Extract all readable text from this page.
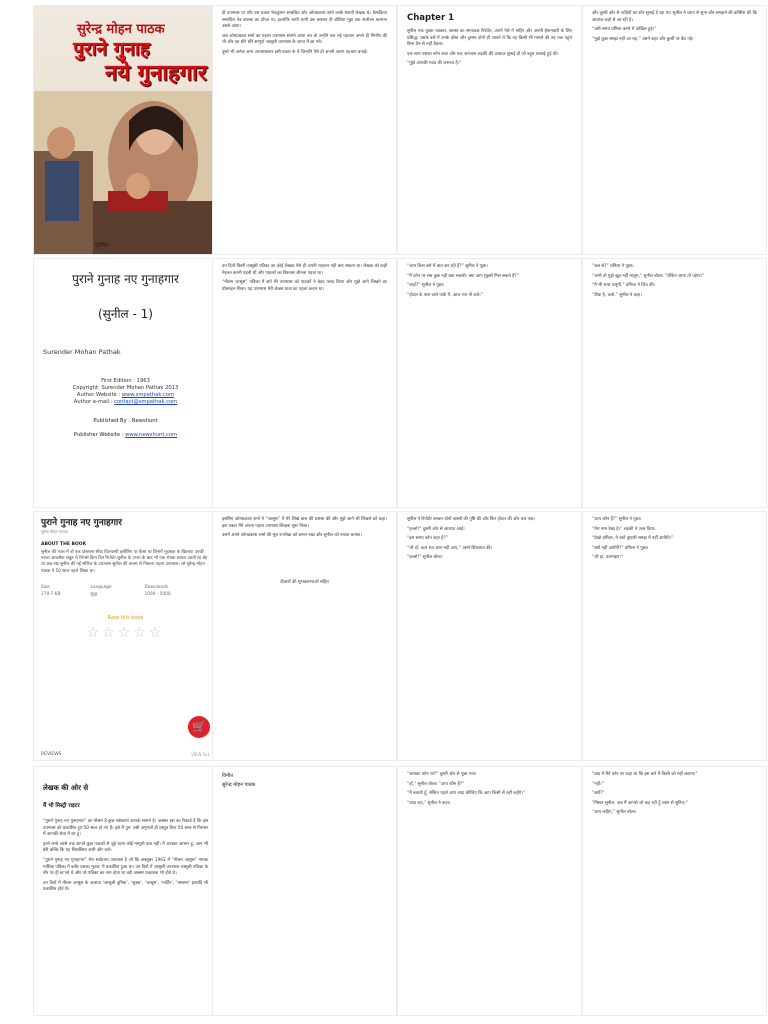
सुरेन्द्र मोहन पाठक
पुराने गुनाह
नये गुनाहगार
सुनील
ही उपन्यास था और उस प्रकार भेदक़ुमार सम्बंधित और ओमप्रकाश शर्मा उनके स्थायी लेखक थे। वैसाकिया सम्बंधित नेत्र बालक का दोंगत था, हालांकि कभी कभी उस बरसात ही बोलिया मुझ तक संजीवन कल्पना उससे आया।
जब ओमप्रकाश शर्मा का पहला उपन्यास सामने आया तब तो उन्होंने एक नई पहचान अपने ही निर्माण की थी और वह धीरे धीरे सम्पूर्ण जासूसी उपन्यास के जगत में छा गये।
दूसरे भी अनेक अन्य उपन्यासकार इसी प्रकार के थे जिन्होंने ऐसे ही अपनी अलग पहचान बनाई।
Chapter 1
सुनील एक युवक पत्रकार, ब्लास्ट का सम्पादक रिपोर्टर, अपने पेशे में माहिर और अपनी ईमानदारी के लिए प्रसिद्ध। उसके बारे में उनके दोस्त और दुश्मन दोनों ही जानते थे कि वह किसी भी मामले की तह तक पहुंचे बिना चैन से नहीं बैठता।
एक शाम उसका फोन बजा और एक अनजान लड़की की आवाज़ सुनाई दी जो बहुत घबराई हुई थी।
“मुझे आपकी मदद की ज़रूरत है।”
और दूसरी ओर से गाड़ियों का शोर सुनाई दे रहा था। सुनील ने ध्यान से सुना और समझने की कोशिश की कि आवाज़ कहाँ से आ रही है।
“उसी समय प्रमिला कमरे में दाखिल हुई।”
“मुझे कुछ समझ नहीं आ रहा,” उसने कहा और कुर्सी पर बैठ गई।
पुराने गुनाह नए गुनाहगार
(सुनील - 1)
Surender Mohan Pathak
First Edition : 1963
Copyright: Surender Mohan Pathak 2013
Author Website : www.smpathak.com
Author e-mail : contact@smpathak.com
Published By : Newshunt
Publisher Website : www.newshunt.com
उन दिनों किसी जासूसी पत्रिका का कोई लेखक ऐसे ही अपनी पहचान नहीं बना सकता था। लेखक को कड़ी मेहनत करनी पड़ती थी और पाठकों का विश्वास जीतना पड़ता था।
“नीलम जासूस” पत्रिका में छपे मेरे उपन्यास को पाठकों ने बेहद पसंद किया और मुझे आगे लिखने का प्रोत्साहन मिला। यह उपन्यास मेरी लेखन यात्रा का पहला कदम था।
“आप किस बारे में बात कर रही हैं?” सुनील ने पूछा।
“मैं फोन पर सब कुछ नहीं बता सकती। क्या आप मुझसे मिल सकते हैं?”
“कहाँ?” सुनील ने पूछा।
“होटल के पास वाले पार्क में, आज रात नौ बजे।”
“कब से?” प्रमिला ने पूछा।
“अभी तो मुझे खुद नहीं मालूम,” सुनील बोला। “लेकिन जाना तो पड़ेगा।”
“मैं भी साथ चलूंगी,” प्रमिला ने ज़िद की।
“ठीक है, चलो,” सुनील ने कहा।
पुराने गुनाह नए गुनाहगार
सुरेन्द्र मोहन पाठक
ABOUT THE BOOK
सुनील की नज़र में वो एक दोस्ताना सौदा दिलचस्पी इसीलिए था कैसा था जिसमें मुहब्बत के खिलाफ उपकी परका आकर्षक सबूत थे जिनसे किन दिन रिपोर्टर सुनील के उभरा के बाद भी एक रोचक सवाल उठती रह बेह था अब रख सुनील की नई सीरीज के उपन्यास सुनील की कलम से निकला पहला उपन्यास। जो सुरेन्द्र मोहन पाठक ने 50 साल पहले लिखा था।
Size	Language	Downloads
279.7 KB	हिंदी	1000 - 5000
Rate this book
☆☆☆☆☆
🛒
REVIEWS	VIEW ALL
इसलिए ओमप्रकाश शर्मा ने “जासूस” में मेरे लिखे बाल की प्रशंसा की और मुझे आगे भी लिखने को कहा। इस प्रकार मैंने अपना पहला उपन्यास लिखना शुरू किया।
उसमें अपने ओमप्रकाश शर्मा की मूल रूपरेखा को बनाए रखा और सुनील को नायक बनाया।
दीवानों की शुभकामनाओं सहित
सुनील ने रिपोर्टर बनकर दोनों वाक्यों की पुष्टि की और फिर होटल की ओर चल पड़ा।
“हल्लो!” दूसरी ओर से आवाज़ आई।
“इस समय कोन कहा है?”
“जी हाँ, कल रात आप नहीं आए,” उसने शिकायत की।
“हल्लो!” सुनील बोला।
“आप कौन हैं?” सुनील ने पूछा।
“मेरा नाम रेखा है।” लड़की ने उत्तर दिया।
“देखो प्रमिला, ये बातें तुम्हारी समझ में नहीं आयेंगी।”
“क्यों नहीं आयेंगी?” प्रमिला ने पूछा।
“जी हां, फ़रमाइए।”
लेखक की ओर से
मैं भी मिस्ट्री राइटर
“पुराने गुनाह नए गुनाहगार” का मौसम है-कुछ संस्करण आपके सामने है। अक्सर इस का रिकार्ड है कि इस उपन्यास को प्रकाशित हुए 50 साल हो गए हैं। इसे मैं पुन: उसी अनुभवों ही प्रस्तुत किए 50 साल से निरन्तर मैं आपकी सेवा में रत हूं।
इतने लम्बे अरसे तक आपने कुछ पाठकों से जुड़े रहना कोई मामूली बात नहीं। मैं आपका आभार हूं, आप भी बेरी बल्कि कि यह सिलसिला अभी और चले।
“पुराने गुनाह नए गुनाहगार” मेरा सर्वप्रथम उपन्यास है जो कि अक्तूबर 1963 में “नीलम जासूस” नामक मासिक पत्रिका में बतौर उसका मूलत: में प्रकाशित हुआ था। उन दिनों में जासूसी उपन्यास जासूसी पत्रिका के तौर पर ही छ:पते थे और जो पत्रिका का नाम होता था वही अक्सर प्रकाशक भी होते थे।
उन दिनों में नीलम जासूस के अलावा ‘जासूसी दुनिया’, ‘शुक्ल’, ‘जासूस’, ‘मार्टिन’, ‘मस्ताना’ इत्यादि भी प्रकाशित होते थे।
विनीत
सुरेन्द्र मोहन पाठक
“आपका फोन था?” दूसरी ओर से पूछा गया।
“हाँ,” सुनील बोला। “आप कौन हैं?”
“मैं बताती हूँ, लेकिन पहले आप वादा कीजिए कि आप किसी से नहीं कहेंगे।”
“वादा रहा,” सुनील ने कहा।
“बाद में मैंने फोन पर कहा था कि इस बारे में किसी को नहीं बताना।”
“नहीं।”
“क्यों?”
“मिस्टर सुनील, अब मैं आपसे जो कह रही हूँ ध्यान से सुनिए।”
“आप कहिए,” सुनील बोला।
